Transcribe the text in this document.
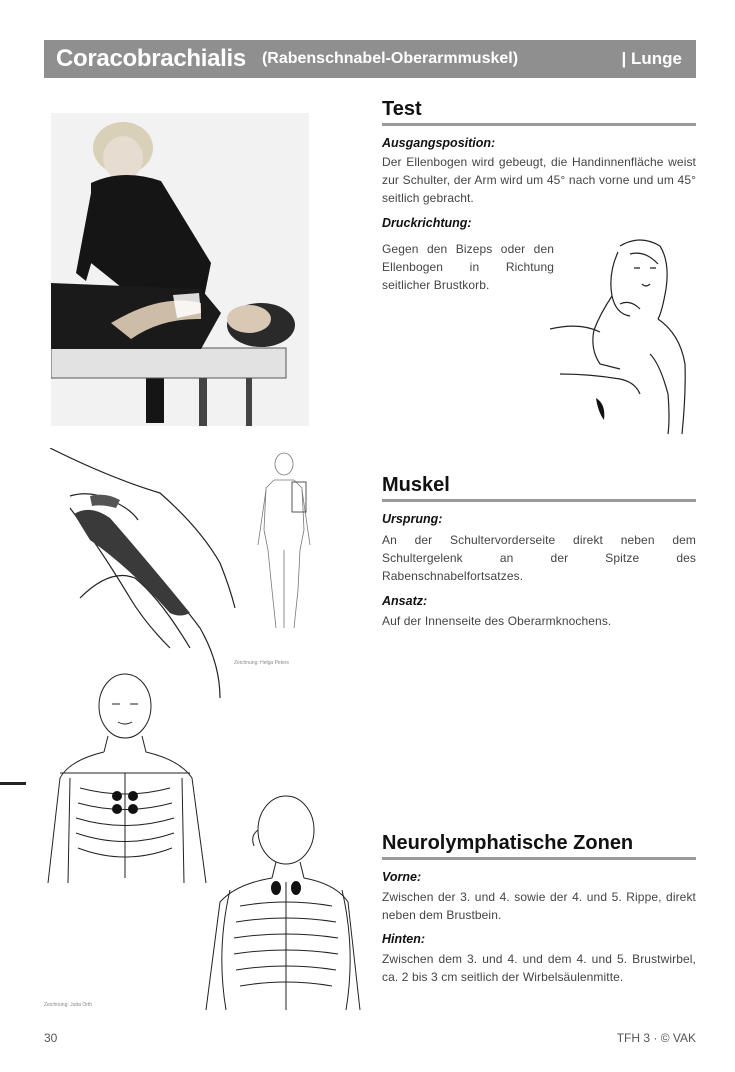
Coracobrachialis (Rabenschnabel-Oberarmmuskel)	| Lunge
Test
Ausgangsposition:
Der Ellenbogen wird gebeugt, die Handinnenfläche weist zur Schulter, der Arm wird um 45° nach vorne und um 45° seitlich gebracht.
Druckrichtung:
Gegen den Bizeps oder den Ellenbogen in Richtung seitlicher Brustkorb.
Muskel
Ursprung:
An der Schultervorderseite direkt neben dem Schultergelenk an der Spitze des Rabenschnabelfortsatzes.
Ansatz:
Auf der Innenseite des Oberarmknochens.
Zeichnung: Helga Peters
Neurolymphatische Zonen
Vorne:
Zwischen der 3. und 4. sowie der 4. und 5. Rippe, direkt neben dem Brustbein.
Hinten:
Zwischen dem 3. und 4. und dem 4. und 5. Brustwirbel, ca. 2 bis 3 cm seitlich der Wirbelsäulenmitte.
Zeichnung: Jutta Orth
30	TFH 3 · © VAK
